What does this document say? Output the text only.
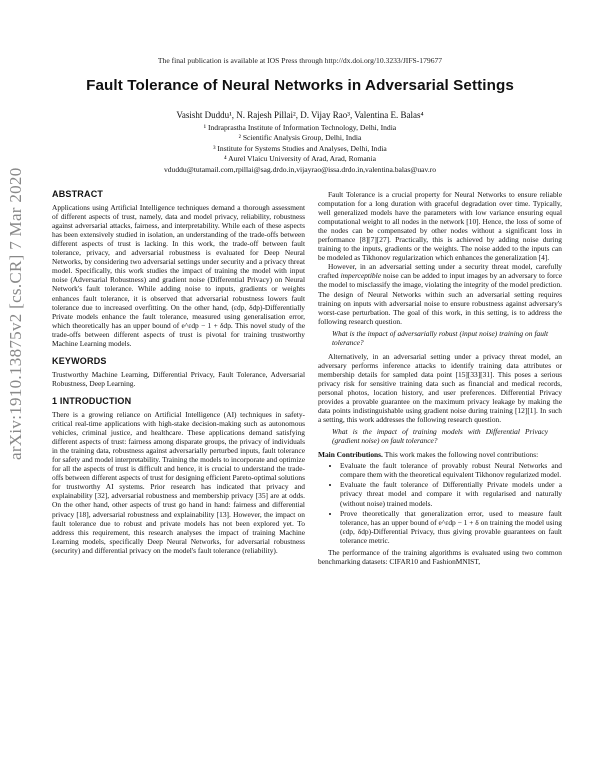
The final publication is available at IOS Press through http://dx.doi.org/10.3233/JIFS-179677
Fault Tolerance of Neural Networks in Adversarial Settings
Vasisht Duddu¹, N. Rajesh Pillai², D. Vijay Rao³, Valentina E. Balas⁴
¹ Indraprastha Institute of Information Technology, Delhi, India
² Scientific Analysis Group, Delhi, India
³ Institute for Systems Studies and Analyses, Delhi, India
⁴ Aurel Vlaicu University of Arad, Arad, Romania
vduddu@tutamail.com,rpillai@sag.drdo.in,vijayrao@issa.drdo.in,valentina.balas@uav.ro
arXiv:1910.13875v2 [cs.CR] 7 Mar 2020	ABSTRACT

Applications using Artificial Intelligence techniques demand a thorough assessment of different aspects of trust, namely, data and model privacy, reliability, robustness against adversarial attacks, fairness, and interpretability. While each of these aspects has been extensively studied in isolation, an understanding of the trade-offs between different aspects of trust is lacking. In this work, the trade-off between fault tolerance, privacy, and adversarial robustness is evaluated for Deep Neural Networks, by considering two adversarial settings under security and a privacy threat model. Specifically, this work studies the impact of training the model with input noise (Adversarial Robustness) and gradient noise (Differential Privacy) on Neural Network's fault tolerance. While adding noise to inputs, gradients or weights enhances fault tolerance, it is observed that adversarial robustness lowers fault tolerance due to increased overfitting. On the other hand, (εdp, δdp)-Differentially Private models enhance the fault tolerance, measured using generalisation error, which theoretically has an upper bound of e^εdp − 1 + δdp. This novel study of the trade-offs between different aspects of trust is pivotal for training trustworthy Machine Learning models.

KEYWORDS

Trustworthy Machine Learning, Differential Privacy, Fault Tolerance, Adversarial Robustness, Deep Learning.

1 INTRODUCTION

There is a growing reliance on Artificial Intelligence (AI) techniques in safety-critical real-time applications with high-stake decision-making such as autonomous vehicles, criminal justice, and healthcare. These applications demand satisfying different aspects of trust: fairness among disparate groups, the privacy of individuals in the training data, robustness against adversarially perturbed inputs, fault tolerance for safety and model interpretability. Training the models to incorporate and optimize for all the aspects of trust is difficult and hence, it is crucial to understand the trade-offs between different aspects of trust for designing efficient Pareto-optimal solutions for trustworthy AI systems. Prior research has indicated that privacy and explainability [32], adversarial robustness and membership privacy [35] are at odds. On the other hand, other aspects of trust go hand in hand: fairness and differential privacy [18], adversarial robustness and explainability [13]. However, the impact on fault tolerance due to robust and private models has not been explored yet. To address this requirement, this research analyses the impact of training Machine Learning models, specifically Deep Neural Networks, for adversarial robustness (security) and differential privacy on the model's fault tolerance (reliability).

Fault Tolerance is a crucial property for Neural Networks to ensure reliable computation for a long duration with graceful degradation over time. Typically, well generalized models have the parameters with low variance ensuring equal computational weight to all nodes in the network [10]. Hence, the loss of some of the nodes can be compensated by other nodes without a significant loss in performance [8][7][27]. Practically, this is achieved by adding noise during training to the inputs, gradients or the weights. The noise added to the inputs can be modeled as Tikhonov regularization which enhances the generalization [4].

However, in an adversarial setting under a security threat model, carefully crafted imperceptible noise can be added to input images by an adversary to force the model to misclassify the image, violating the integrity of the model prediction. The design of Neural Networks within such an adversarial setting requires training on inputs with adversarial noise to ensure robustness against adversary's worst-case perturbation. The goal of this work, in this setting, is to address the following research question.

What is the impact of adversarially robust (input noise) training on fault tolerance?

Alternatively, in an adversarial setting under a privacy threat model, an adversary performs inference attacks to identify training data attributes or membership details for sampled data point [15][33][31]. This poses a serious privacy risk for sensitive training data such as financial and medical records, personal photos, location history, and user preferences. Differential Privacy provides a provable guarantee on the maximum privacy leakage by making the data points indistinguishable using gradient noise during training [12][1]. In such a setting, this work addresses the following research question.

What is the impact of training models with Differential Privacy (gradient noise) on fault tolerance?

Main Contributions. This work makes the following novel contributions:

• Evaluate the fault tolerance of provably robust Neural Networks and compare them with the theoretical equivalent Tikhonov regularized model.
• Evaluate the fault tolerance of Differentially Private models under a privacy threat model and compare it with regularised and naturally (without noise) trained models.
• Prove theoretically that generalization error, used to measure fault tolerance, has an upper bound of e^εdp − 1 + δ on training the model using (εdp, δdp)-Differential Privacy, thus giving provable guarantees on fault tolerance metric.

The performance of the training algorithms is evaluated using two common benchmarking datasets: CIFAR10 and FashionMNIST,
